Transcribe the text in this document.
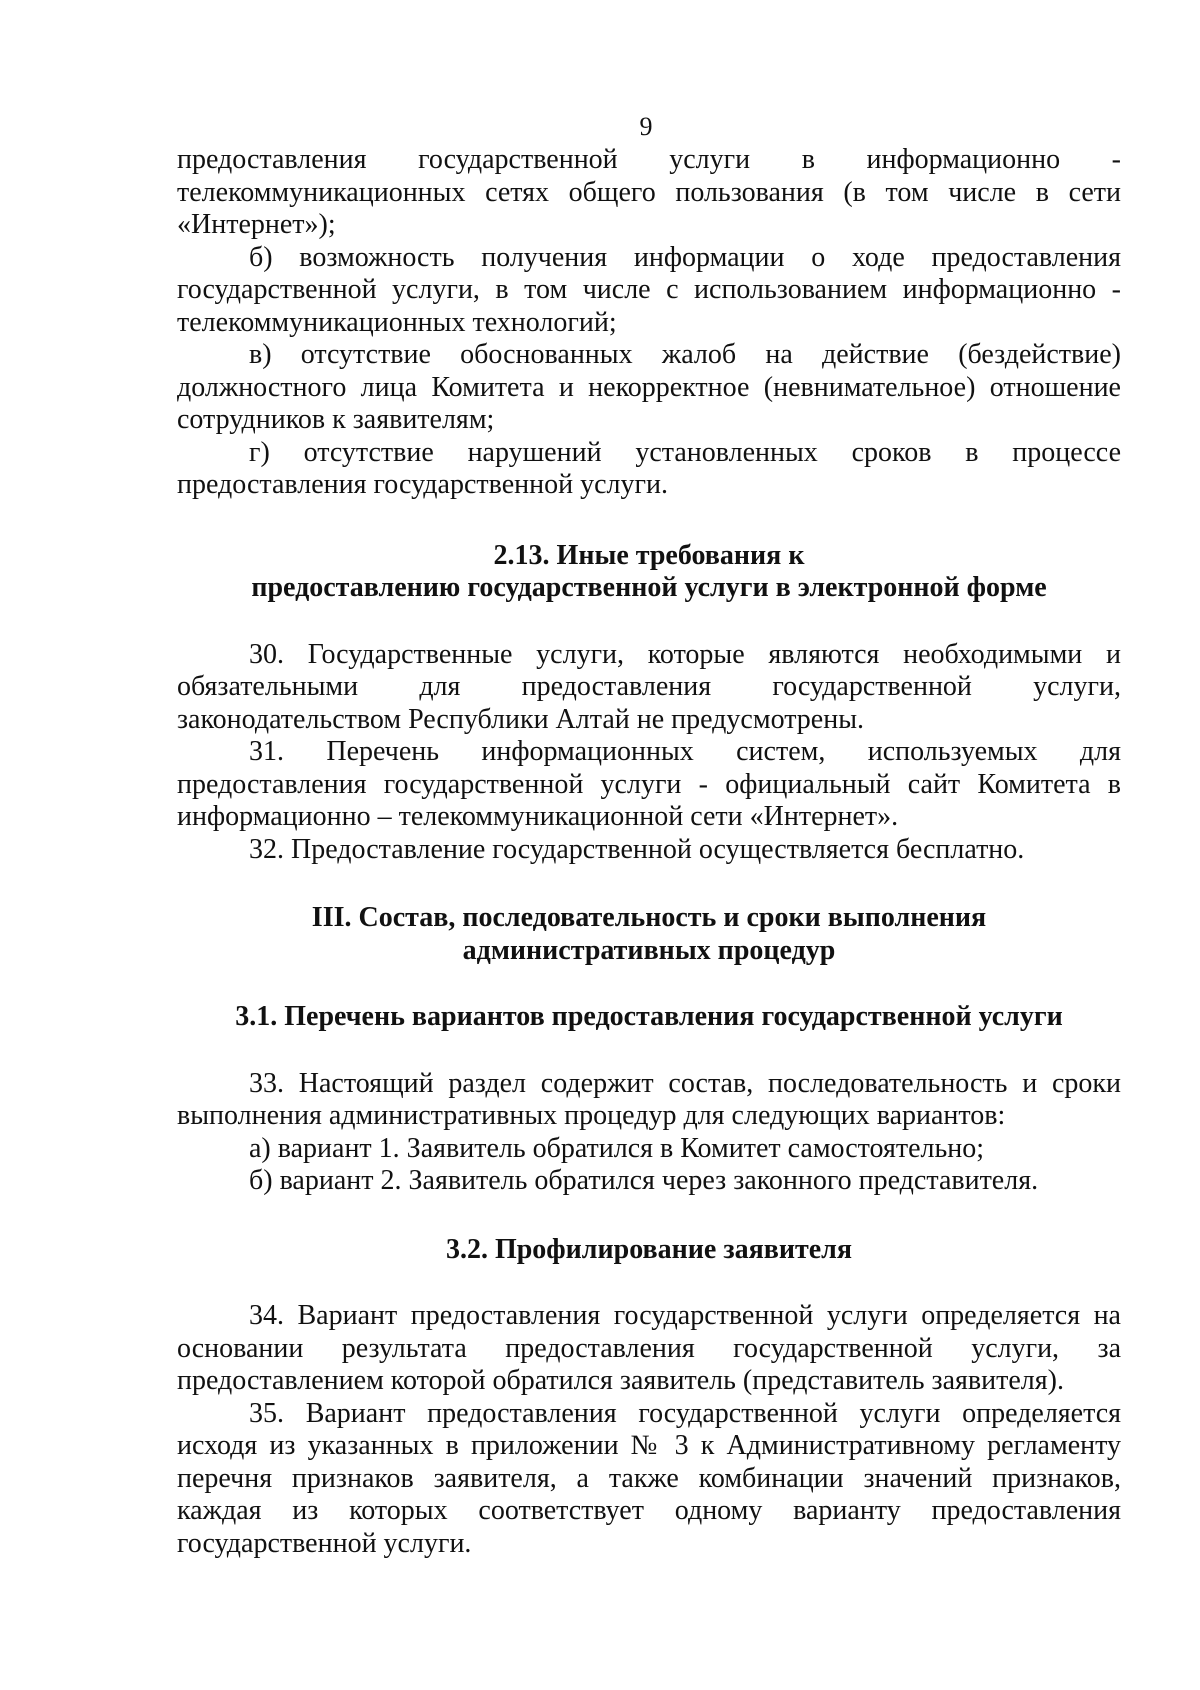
9

предоставления государственной услуги в информационно - телекоммуникационных сетях общего пользования (в том числе в сети «Интернет»);

б) возможность получения информации о ходе предоставления государственной услуги, в том числе с использованием информационно - телекоммуникационных технологий;

в) отсутствие обоснованных жалоб на действие (бездействие) должностного лица Комитета и некорректное (невнимательное) отношение сотрудников к заявителям;

г) отсутствие нарушений установленных сроков в процессе предоставления государственной услуги.

2.13. Иные требования к
предоставлению государственной услуги в электронной форме

30. Государственные услуги, которые являются необходимыми и обязательными для предоставления государственной услуги, законодательством Республики Алтай не предусмотрены.

31. Перечень информационных систем, используемых для предоставления государственной услуги - официальный сайт Комитета в информационно – телекоммуникационной сети «Интернет».

32. Предоставление государственной осуществляется бесплатно.

III. Состав, последовательность и сроки выполнения
административных процедур
3.1. Перечень вариантов предоставления государственной услуги

33. Настоящий раздел содержит состав, последовательность и сроки выполнения административных процедур для следующих вариантов:

а) вариант 1. Заявитель обратился в Комитет самостоятельно;

б) вариант 2. Заявитель обратился через законного представителя.

3.2. Профилирование заявителя

34. Вариант предоставления государственной услуги определяется на основании результата предоставления государственной услуги, за предоставлением которой обратился заявитель (представитель заявителя).

35. Вариант предоставления государственной услуги определяется исходя из указанных в приложении № 3 к Административному регламенту перечня признаков заявителя, а также комбинации значений признаков, каждая из которых соответствует одному варианту предоставления государственной услуги.
